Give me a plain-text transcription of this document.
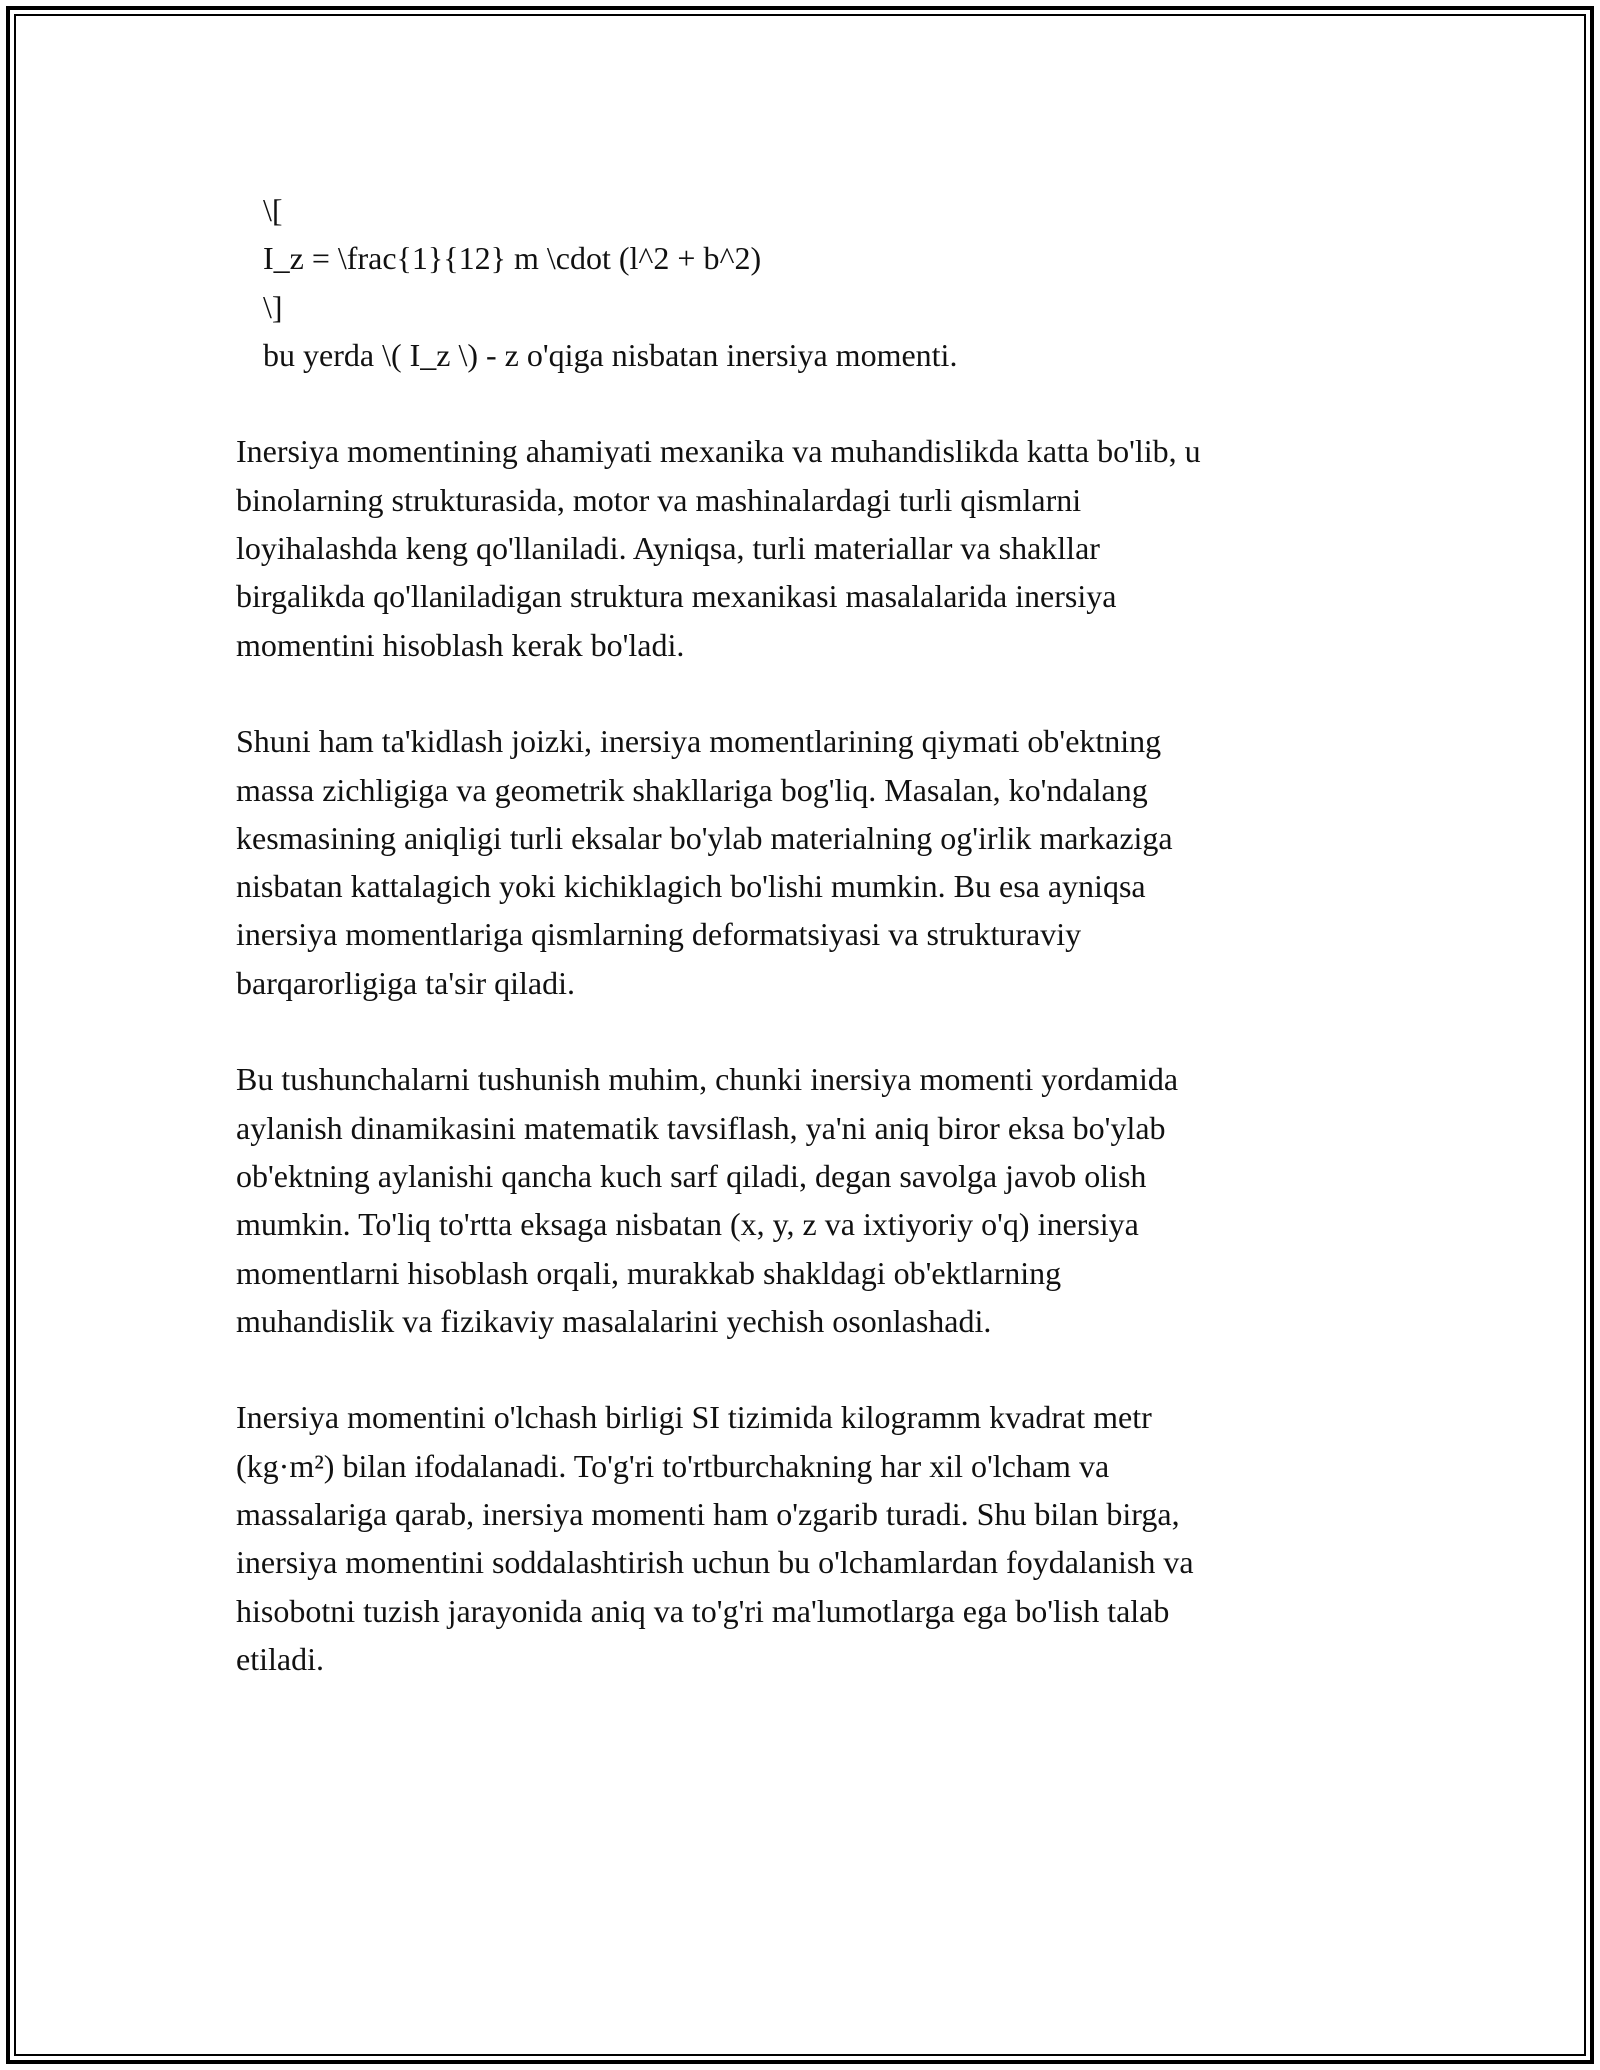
\[
I_z = \frac{1}{12} m \cdot (l^2 + b^2)
\]
bu yerda \( I_z \) - z o'qiga nisbatan inersiya momenti.
Inersiya momentining ahamiyati mexanika va muhandislikda katta bo'lib, u
binolarning strukturasida, motor va mashinalardagi turli qismlarni
loyihalashda keng qo'llaniladi. Ayniqsa, turli materiallar va shakllar
birgalikda qo'llaniladigan struktura mexanikasi masalalarida inersiya
momentini hisoblash kerak bo'ladi.
Shuni ham ta'kidlash joizki, inersiya momentlarining qiymati ob'ektning
massa zichligiga va geometrik shakllariga bog'liq. Masalan, ko'ndalang
kesmasining aniqligi turli eksalar bo'ylab materialning og'irlik markaziga
nisbatan kattalagich yoki kichiklagich bo'lishi mumkin. Bu esa ayniqsa
inersiya momentlariga qismlarning deformatsiyasi va strukturaviy
barqarorligiga ta'sir qiladi.
Bu tushunchalarni tushunish muhim, chunki inersiya momenti yordamida
aylanish dinamikasini matematik tavsiflash, ya'ni aniq biror eksa bo'ylab
ob'ektning aylanishi qancha kuch sarf qiladi, degan savolga javob olish
mumkin. To'liq to'rtta eksaga nisbatan (x, y, z va ixtiyoriy o'q) inersiya
momentlarni hisoblash orqali, murakkab shakldagi ob'ektlarning
muhandislik va fizikaviy masalalarini yechish osonlashadi.
Inersiya momentini o'lchash birligi SI tizimida kilogramm kvadrat metr
(kg·m²) bilan ifodalanadi. To'g'ri to'rtburchakning har xil o'lcham va
massalariga qarab, inersiya momenti ham o'zgarib turadi. Shu bilan birga,
inersiya momentini soddalashtirish uchun bu o'lchamlardan foydalanish va
hisobotni tuzish jarayonida aniq va to'g'ri ma'lumotlarga ega bo'lish talab
etiladi.
